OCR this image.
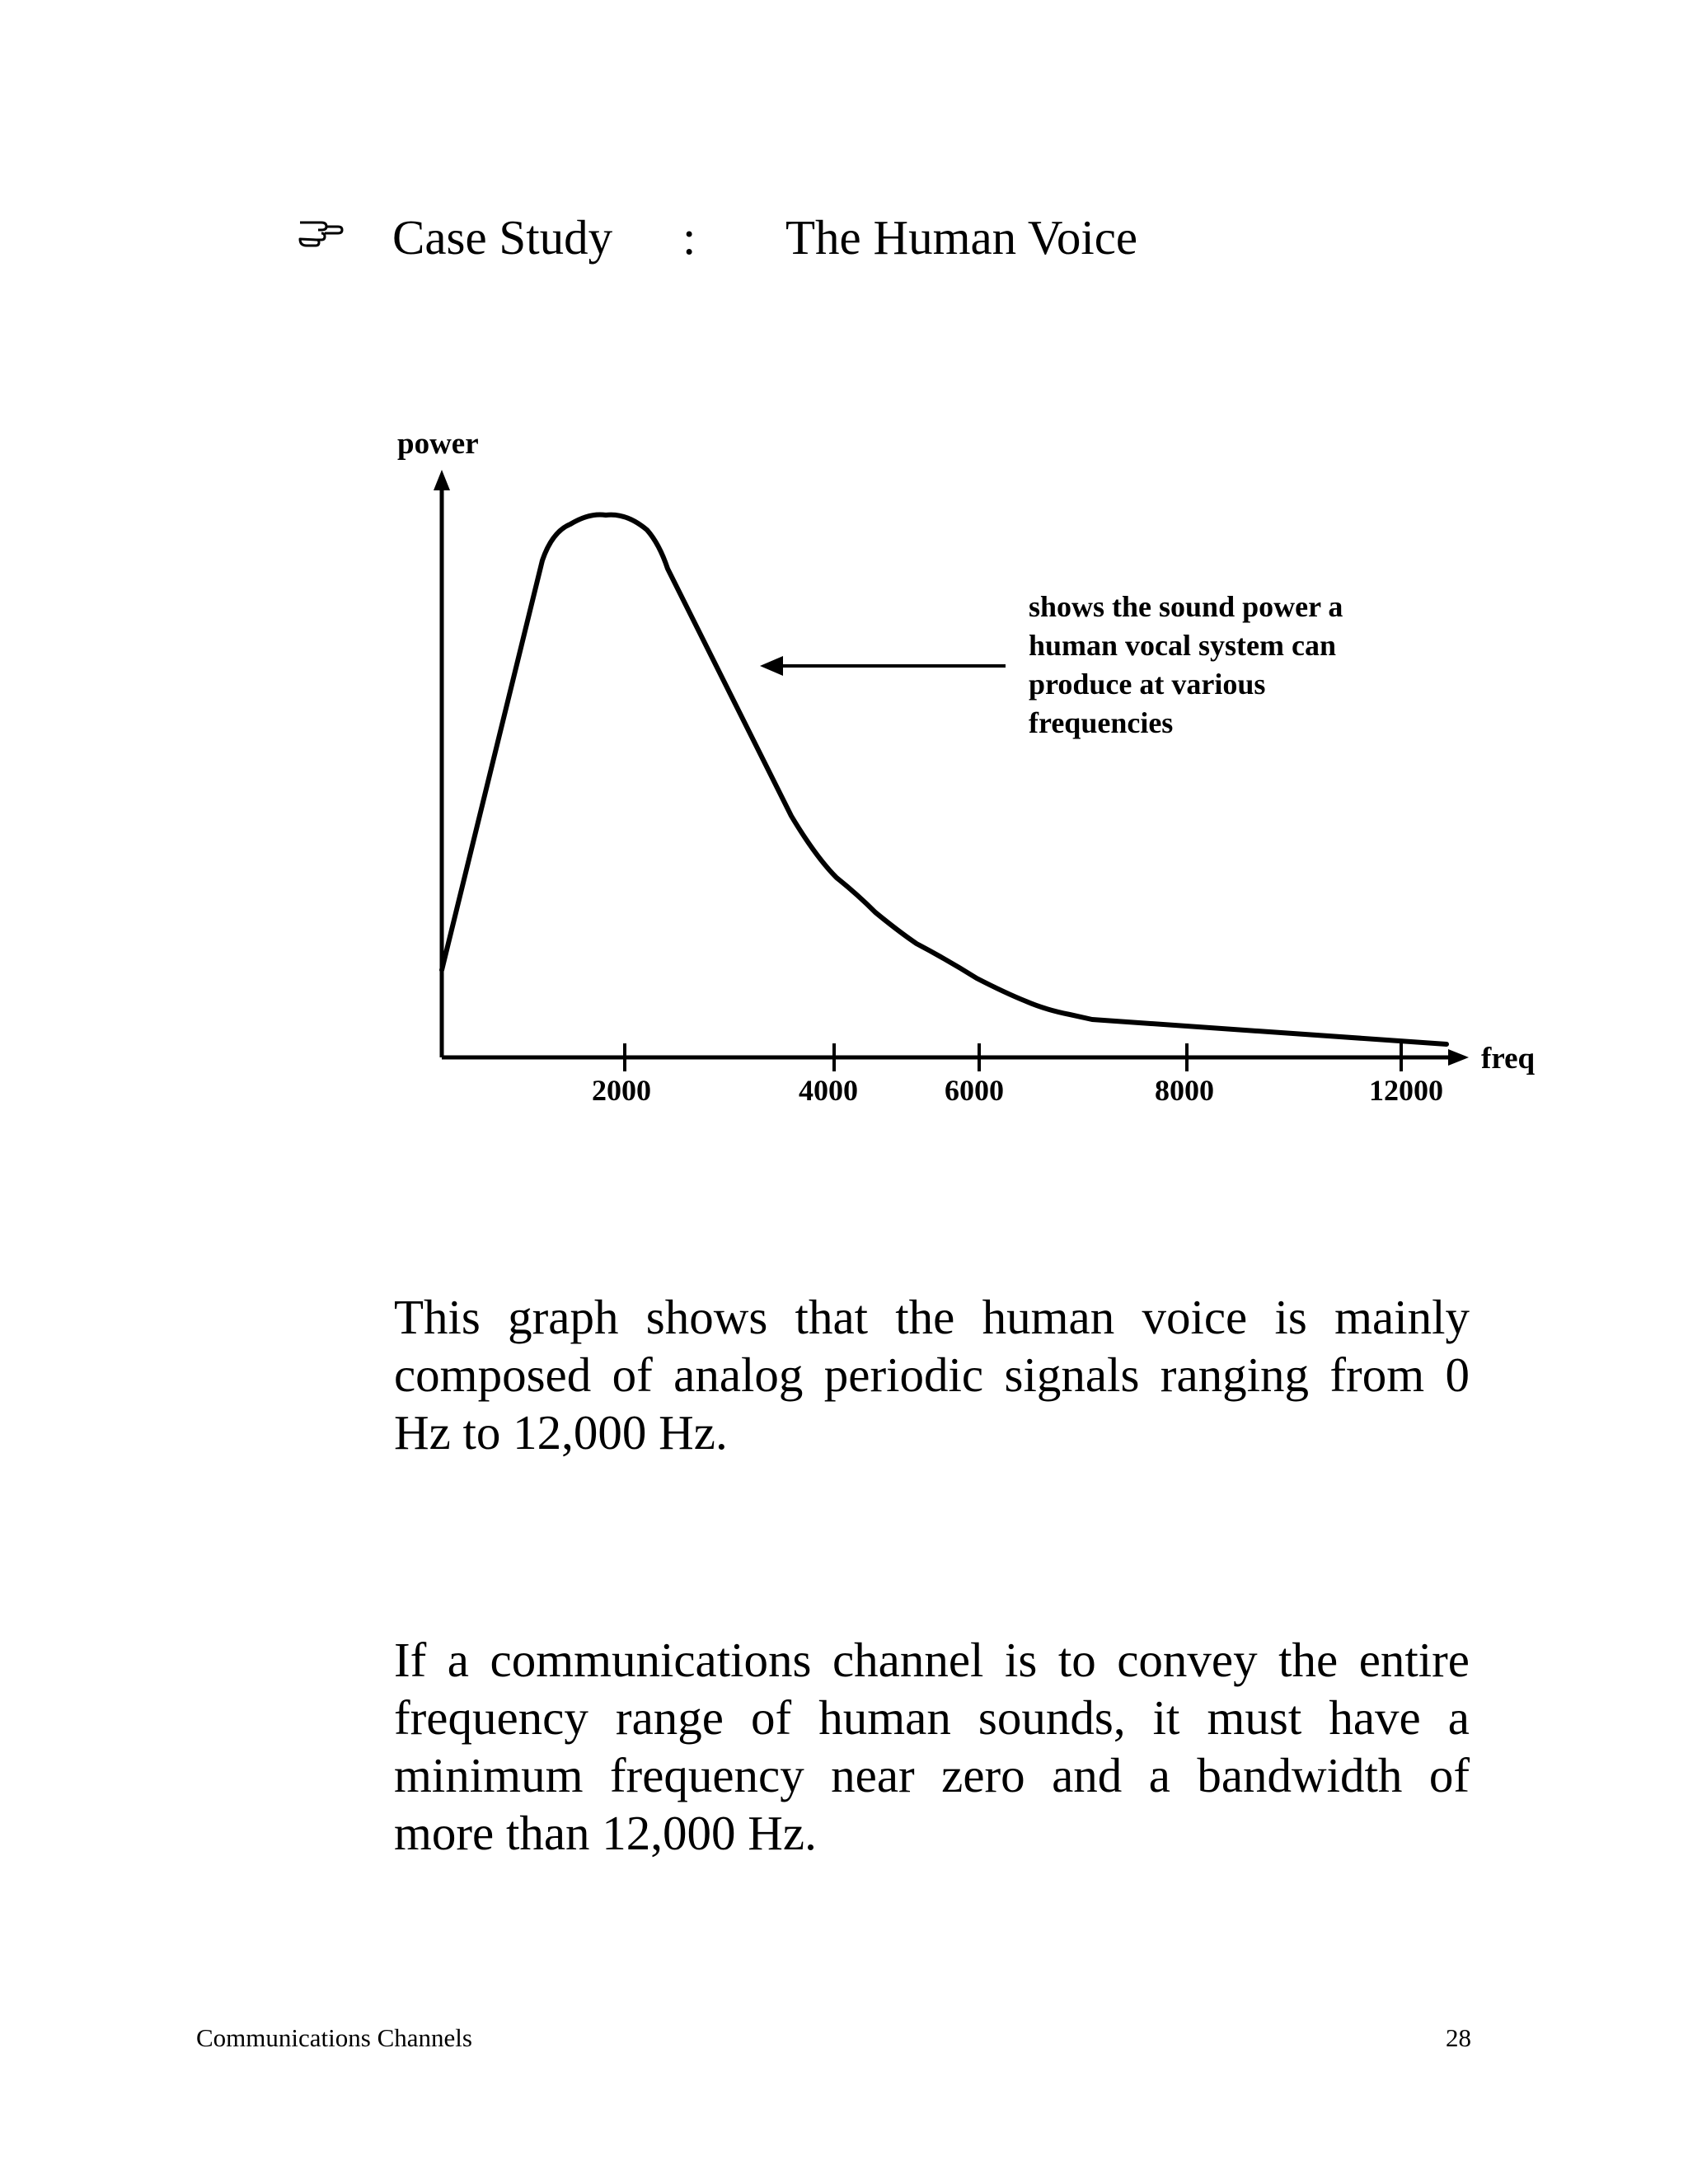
Case Study : The Human Voice
power
freq
2000	4000	6000	8000	12000
shows the sound power a
human vocal system can
produce at various
frequencies

This graph shows that the human voice is mainly composed of analog periodic signals ranging from 0 Hz to 12,000 Hz.

If a communications channel is to convey the entire frequency range of human sounds, it must have a minimum frequency near zero and a bandwidth of more than 12,000 Hz.

Communications Channels	28
